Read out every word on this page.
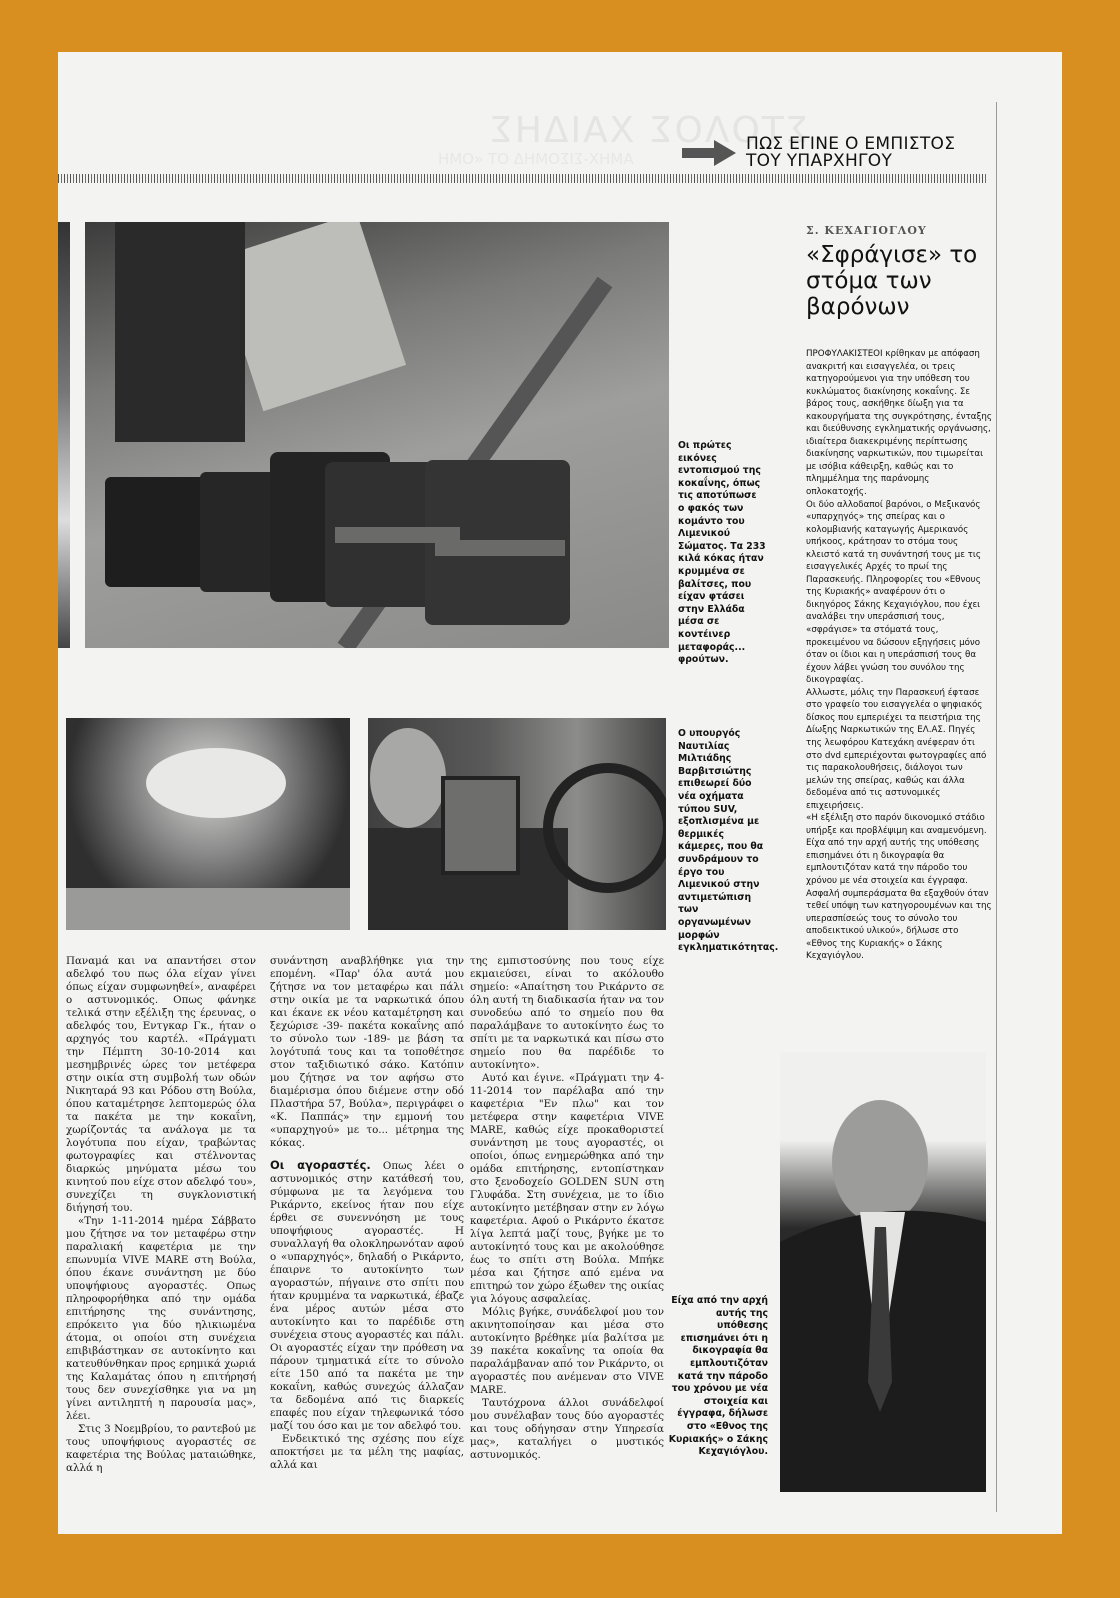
ΣΤΟΛΟΣ ΧΑΙΔΗΣ
ΑΜΗΧ-ΣΙΣΟΜΗΔ ΟΤ «ΟΜΗ
ΠΩΣ ΕΓΙΝΕ Ο ΕΜΠΙΣΤΟΣ
ΤΟΥ ΥΠΑΡΧΗΓΟΥ
Οι πρώτες εικόνες εντοπισμού της κοκαΐνης, όπως τις αποτύπωσε ο φακός των κομάντο του Λιμενικού Σώματος. Τα 233 κιλά κόκας ήταν κρυμμένα σε βαλίτσες, που είχαν φτάσει στην Ελλάδα μέσα σε κοντέινερ μεταφοράς... φρούτων.
Ο υπουργός Ναυτιλίας Μιλτιάδης Βαρβιτσιώτης επιθεωρεί δύο νέα οχήματα τύπου SUV, εξοπλισμένα με θερμικές κάμερες, που θα συνδράμουν το έργο του Λιμενικού στην αντιμετώπιση των οργανωμένων μορφών εγκληματικότητας.
Σ. ΚΕΧΑΓΙΟΓΛΟΥ
«Σφράγισε» το στόμα των βαρόνων

ΠΡΟΦΥΛΑΚΙΣΤΕΟΙ κρίθηκαν με απόφαση ανακριτή και εισαγγελέα, οι τρεις κατηγορούμενοι για την υπόθεση του κυκλώματος διακίνησης κοκαΐνης. Σε βάρος τους, ασκήθηκε δίωξη για τα κακουργήματα της συγκρότησης, ένταξης και διεύθυνσης εγκληματικής οργάνωσης, ιδιαίτερα διακεκριμένης περίπτωσης διακίνησης ναρκωτικών, που τιμωρείται με ισόβια κάθειρξη, καθώς και το πλημμέλημα της παράνομης οπλοκατοχής.

Οι δύο αλλοδαποί βαρόνοι, ο Μεξικανός «υπαρχηγός» της σπείρας και ο κολομβιανής καταγωγής Αμερικανός υπήκοος, κράτησαν το στόμα τους κλειστό κατά τη συνάντησή τους με τις εισαγγελικές Αρχές το πρωί της Παρασκευής. Πληροφορίες του «Εθνους της Κυριακής» αναφέρουν ότι ο δικηγόρος Σάκης Κεχαγιόγλου, που έχει αναλάβει την υπεράσπισή τους, «σφράγισε» τα στόματά τους, προκειμένου να δώσουν εξηγήσεις μόνο όταν οι ίδιοι και η υπεράσπισή τους θα έχουν λάβει γνώση του συνόλου της δικογραφίας.

Αλλωστε, μόλις την Παρασκευή έφτασε στο γραφείο του εισαγγελέα ο ψηφιακός δίσκος που εμπεριέχει τα πειστήρια της Δίωξης Ναρκωτικών της ΕΛ.ΑΣ. Πηγές της λεωφόρου Κατεχάκη ανέφεραν ότι στο dvd εμπεριέχονται φωτογραφίες από τις παρακολουθήσεις, διάλογοι των μελών της σπείρας, καθώς και άλλα δεδομένα από τις αστυνομικές επιχειρήσεις.

«Η εξέλιξη στο παρόν δικονομικό στάδιο υπήρξε και προβλέψιμη και αναμενόμενη. Είχα από την αρχή αυτής της υπόθεσης επισημάνει ότι η δικογραφία θα εμπλουτιζόταν κατά την πάροδο του χρόνου με νέα στοιχεία και έγγραφα. Ασφαλή συμπεράσματα θα εξαχθούν όταν τεθεί υπόψη των κατηγορουμένων και της υπερασπίσεώς τους το σύνολο του αποδεικτικού υλικού», δήλωσε στο «Εθνος της Κυριακής» ο Σάκης Κεχαγιόγλου.

Είχα από την αρχή αυτής της υπόθεσης επισημάνει ότι η δικογραφία θα εμπλουτιζόταν κατά την πάροδο του χρόνου με νέα στοιχεία και έγγραφα, δήλωσε στο «Εθνος της Κυριακής» ο Σάκης Κεχαγιόγλου.

Παναμά και να απαντήσει στον αδελφό του πως όλα είχαν γίνει όπως είχαν συμφωνηθεί», αναφέρει ο αστυνομικός. Οπως φάνηκε τελικά στην εξέλιξη της έρευνας, ο αδελφός του, Εντγκαρ Γκ., ήταν ο αρχηγός του καρτέλ. «Πράγματι την Πέμπτη 30-10-2014 και μεσημβρινές ώρες τον μετέφερα στην οικία στη συμβολή των οδών Νικηταρά 93 και Ρόδου στη Βούλα, όπου καταμέτρησε λεπτομερώς όλα τα πακέτα με την κοκαΐνη, χωρίζοντάς τα ανάλογα με τα λογότυπα που είχαν, τραβώντας φωτογραφίες και στέλνοντας διαρκώς μηνύματα μέσω του κινητού που είχε στον αδελφό του», συνεχίζει τη συγκλονιστική διήγησή του.

«Την 1-11-2014 ημέρα Σάββατο μου ζήτησε να τον μεταφέρω στην παραλιακή καφετέρια με την επωνυμία VIVE MARE στη Βούλα, όπου έκανε συνάντηση με δύο υποψήφιους αγοραστές. Οπως πληροφορήθηκα από την ομάδα επιτήρησης της συνάντησης, επρόκειτο για δύο ηλικιωμένα άτομα, οι οποίοι στη συνέχεια επιβιβάστηκαν σε αυτοκίνητο και κατευθύνθηκαν προς ερημικά χωριά της Καλαμάτας όπου η επιτήρησή τους δεν συνεχίσθηκε για να μη γίνει αντιληπτή η παρουσία μας», λέει.

Στις 3 Νοεμβρίου, το ραντεβού με τους υποψήφιους αγοραστές σε καφετέρια της Βούλας ματαιώθηκε, αλλά η

συνάντηση αναβλήθηκε για την επομένη. «Παρ' όλα αυτά μου ζήτησε να τον μεταφέρω και πάλι στην οικία με τα ναρκωτικά όπου και έκανε εκ νέου καταμέτρηση και ξεχώρισε -39- πακέτα κοκαΐνης από το σύνολο των -189- με βάση τα λογότυπά τους και τα τοποθέτησε στον ταξιδιωτικό σάκο. Κατόπιν μου ζήτησε να τον αφήσω στο διαμέρισμα όπου διέμενε στην οδό Πλαστήρα 57, Βούλα», περιγράφει ο «Κ. Παππάς» την εμμονή του «υπαρχηγού» με το... μέτρημα της κόκας.

Οι αγοραστές. Οπως λέει ο αστυνομικός στην κατάθεσή του, σύμφωνα με τα λεγόμενα του Ρικάρντο, εκείνος ήταν που είχε έρθει σε συνεννόηση με τους υποψήφιους αγοραστές. Η συναλλαγή θα ολοκληρωνόταν αφού ο «υπαρχηγός», δηλαδή ο Ρικάρντο, έπαιρνε το αυτοκίνητο των αγοραστών, πήγαινε στο σπίτι που ήταν κρυμμένα τα ναρκωτικά, έβαζε ένα μέρος αυτών μέσα στο αυτοκίνητο και το παρέδιδε στη συνέχεια στους αγοραστές και πάλι. Οι αγοραστές είχαν την πρόθεση να πάρουν τμηματικά είτε το σύνολο είτε 150 από τα πακέτα με την κοκαΐνη, καθώς συνεχώς άλλαζαν τα δεδομένα από τις διαρκείς επαφές που είχαν τηλεφωνικά τόσο μαζί του όσο και με τον αδελφό του.

Ενδεικτικό της σχέσης που είχε αποκτήσει με τα μέλη της μαφίας, αλλά και

της εμπιστοσύνης που τους είχε εκμαιεύσει, είναι το ακόλουθο σημείο: «Απαίτηση του Ρικάρντο σε όλη αυτή τη διαδικασία ήταν να τον συνοδεύω από το σημείο που θα παραλάμβανε το αυτοκίνητο έως το σπίτι με τα ναρκωτικά και πίσω στο σημείο που θα παρέδιδε το αυτοκίνητο».

Αυτό και έγινε. «Πράγματι την 4-11-2014 τον παρέλαβα από την καφετέρια "Εν πλω" και τον μετέφερα στην καφετέρια VIVE MARE, καθώς είχε προκαθοριστεί συνάντηση με τους αγοραστές, οι οποίοι, όπως ενημερώθηκα από την ομάδα επιτήρησης, εντοπίστηκαν στο ξενοδοχείο GOLDEN SUN στη Γλυφάδα. Στη συνέχεια, με το ίδιο αυτοκίνητο μετέβησαν στην εν λόγω καφετέρια. Αφού ο Ρικάρντο έκατσε λίγα λεπτά μαζί τους, βγήκε με το αυτοκίνητό τους και με ακολούθησε έως το σπίτι στη Βούλα. Μπήκε μέσα και ζήτησε από εμένα να επιτηρώ τον χώρο έξωθεν της οικίας για λόγους ασφαλείας.

Μόλις βγήκε, συνάδελφοί μου τον ακινητοποίησαν και μέσα στο αυτοκίνητο βρέθηκε μία βαλίτσα με 39 πακέτα κοκαΐνης τα οποία θα παραλάμβαναν από τον Ρικάρντο, οι αγοραστές που ανέμεναν στο VIVE MARE.

Ταυτόχρονα άλλοι συνάδελφοί μου συνέλαβαν τους δύο αγοραστές και τους οδήγησαν στην Υπηρεσία μας», καταλήγει ο μυστικός αστυνομικός.
